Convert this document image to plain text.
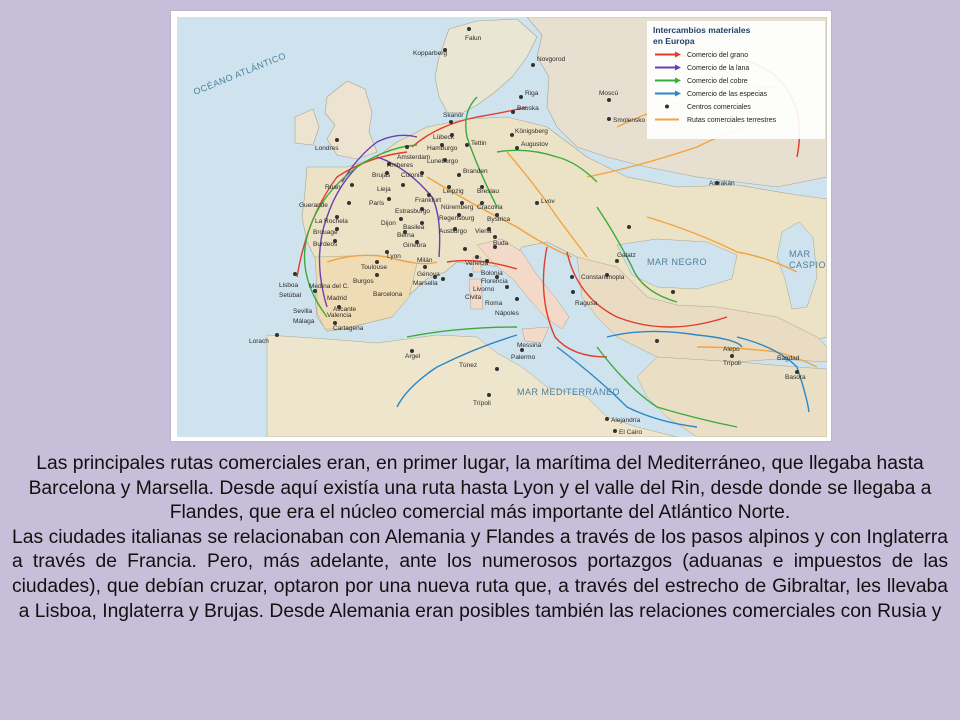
Falun
Kopparberg
Novgorod
Moscú
Riga
Bauska
Smolensko
Skanör
Königsberg
Augustov
Londres
Lübeck
Hamburgo
Tettin
Amsterdam
Amberes
Luneburgo
Brujas Colonia
Branden
Leipzig Breslau
Ruan	Lieja
Frankfurt
París
Nüremberg Cracovia
Lvov
Guerande
Estrasburgo
Regensburg Bystrica
La Rochela	Dijon
Basilea
Ausburgo Viena
Brouage	Berna
Buda
Burdeos	Ginebra
Lyon
Astrakán
Toulouse
Milán	Venecia
Galatz
Burgos
Génova
Marsella
Bolonia
Florencia
Livorno
Medina del C.
Lisboa
Madrid
Barcelona
Roma
Nápoles
Ragusa
Constantinopla
Setúbal
Valencia
Civita
Sevilla	Alicante
Málaga
Cartagena
Lorach
Messina
Palermo
Argel
Túnez
Alepo
Trípoli
Bagdad
Basora
Trípoli
Alejandría
El Cairo
OCÉANO ATLÁNTICO
MAR NEGRO
MAR
CASPIO
MAR MEDITERRÁNEO
Intercambios materiales
en Europa
Comercio del grano
Comercio de la lana
Comercio del cobre
Comercio de las especias
Centros comerciales
Rutas comerciales terrestres

Las principales rutas comerciales eran, en primer lugar, la marítima del Mediterráneo, que llegaba hasta Barcelona y Marsella. Desde aquí existía una ruta hasta Lyon y el valle del Rin, desde donde se llegaba a Flandes, que era el núcleo comercial más importante del Atlántico Norte.

Las ciudades italianas se relacionaban con Alemania y Flandes a través de los pasos alpinos y con Inglaterra a través de Francia. Pero, más adelante, ante los numerosos portazgos (aduanas e impuestos de las ciudades), que debían cruzar, optaron por una nueva ruta que, a través del estrecho de Gibraltar, les llevaba a Lisboa, Inglaterra y Brujas. Desde Alemania eran posibles también las relaciones comerciales con Rusia y
